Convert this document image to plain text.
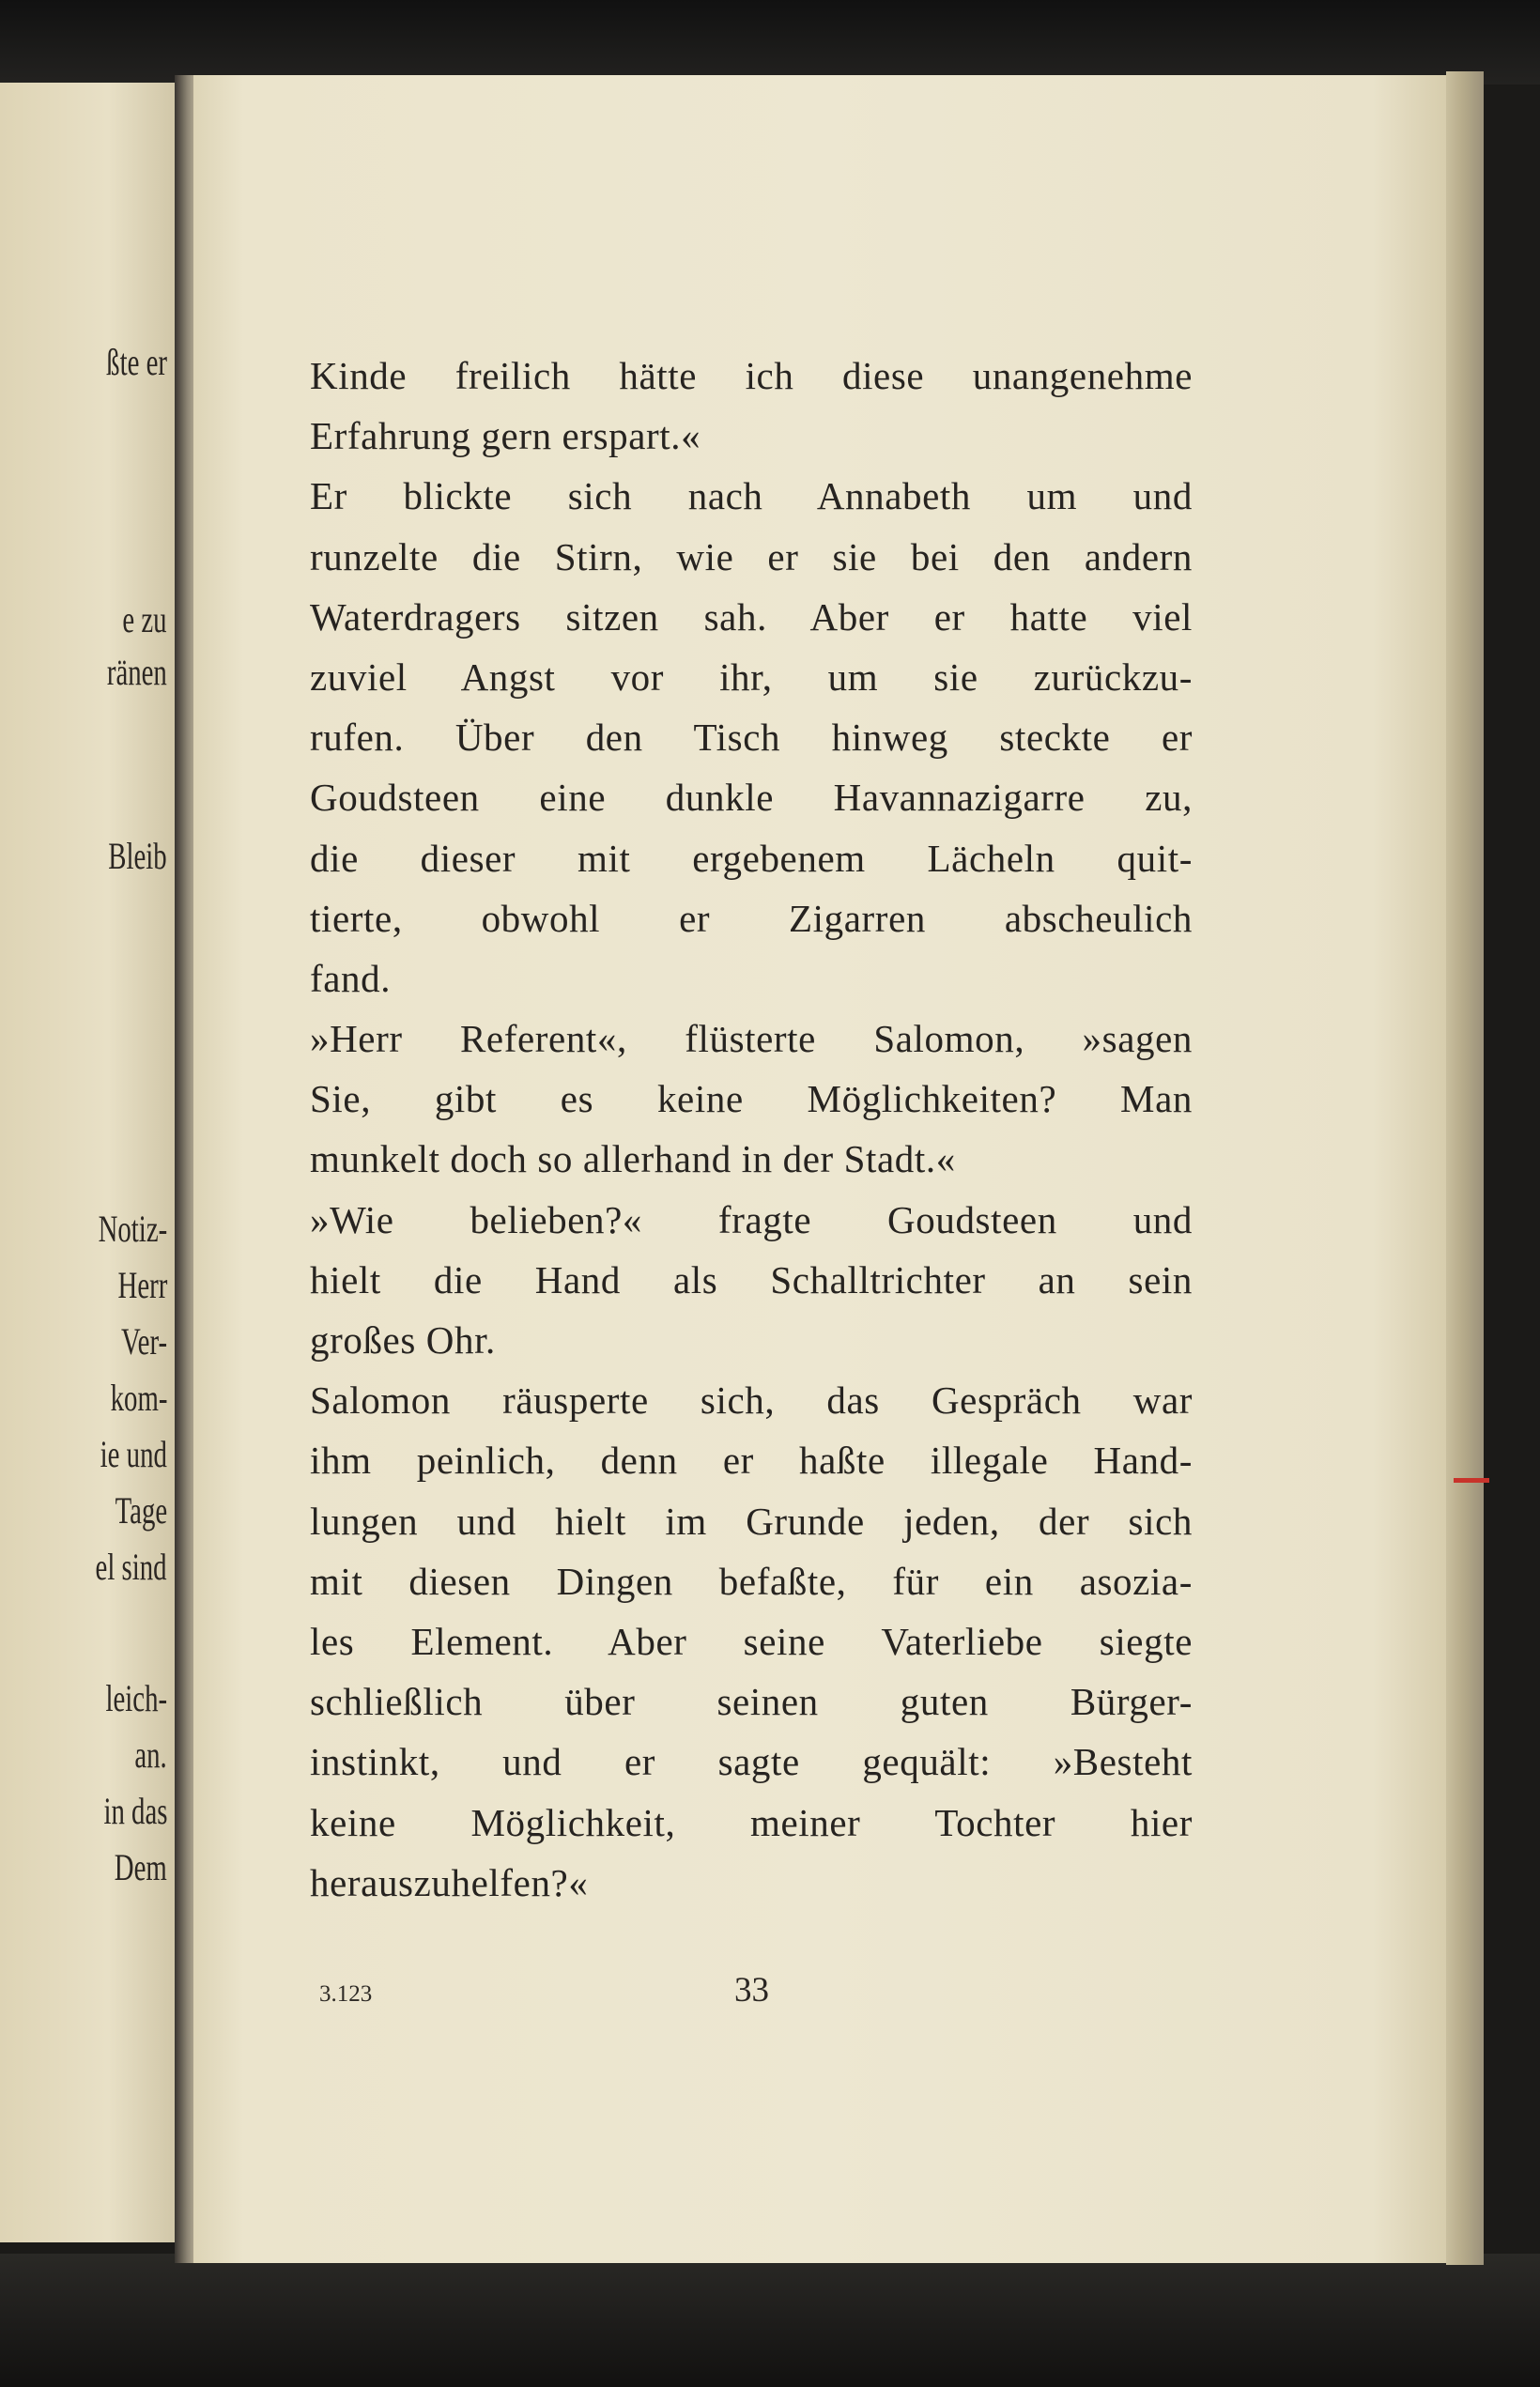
ßte er

e zu

ränen

Bleib

Notiz-

Herr

Ver-

kom-

ie und

Tage

el sind

leich-

an.

in das

Dem

Kinde freilich hätte ich diese unangenehme

Erfahrung gern erspart.«

Er blickte sich nach Annabeth um und

runzelte die Stirn, wie er sie bei den andern

Waterdragers sitzen sah. Aber er hatte viel

zuviel Angst vor ihr, um sie zurückzu-

rufen. Über den Tisch hinweg steckte er

Goudsteen eine dunkle Havannazigarre zu,

die dieser mit ergebenem Lächeln quit-

tierte, obwohl er Zigarren abscheulich

fand.

»Herr Referent«, flüsterte Salomon, »sagen

Sie, gibt es keine Möglichkeiten? Man

munkelt doch so allerhand in der Stadt.«

»Wie belieben?« fragte Goudsteen und

hielt die Hand als Schalltrichter an sein

großes Ohr.

Salomon räusperte sich, das Gespräch war

ihm peinlich, denn er haßte illegale Hand-

lungen und hielt im Grunde jeden, der sich

mit diesen Dingen befaßte, für ein asozia-

les Element. Aber seine Vaterliebe siegte

schließlich über seinen guten Bürger-

instinkt, und er sagte gequält: »Besteht

keine Möglichkeit, meiner Tochter hier

herauszuhelfen?«

3.123	33
